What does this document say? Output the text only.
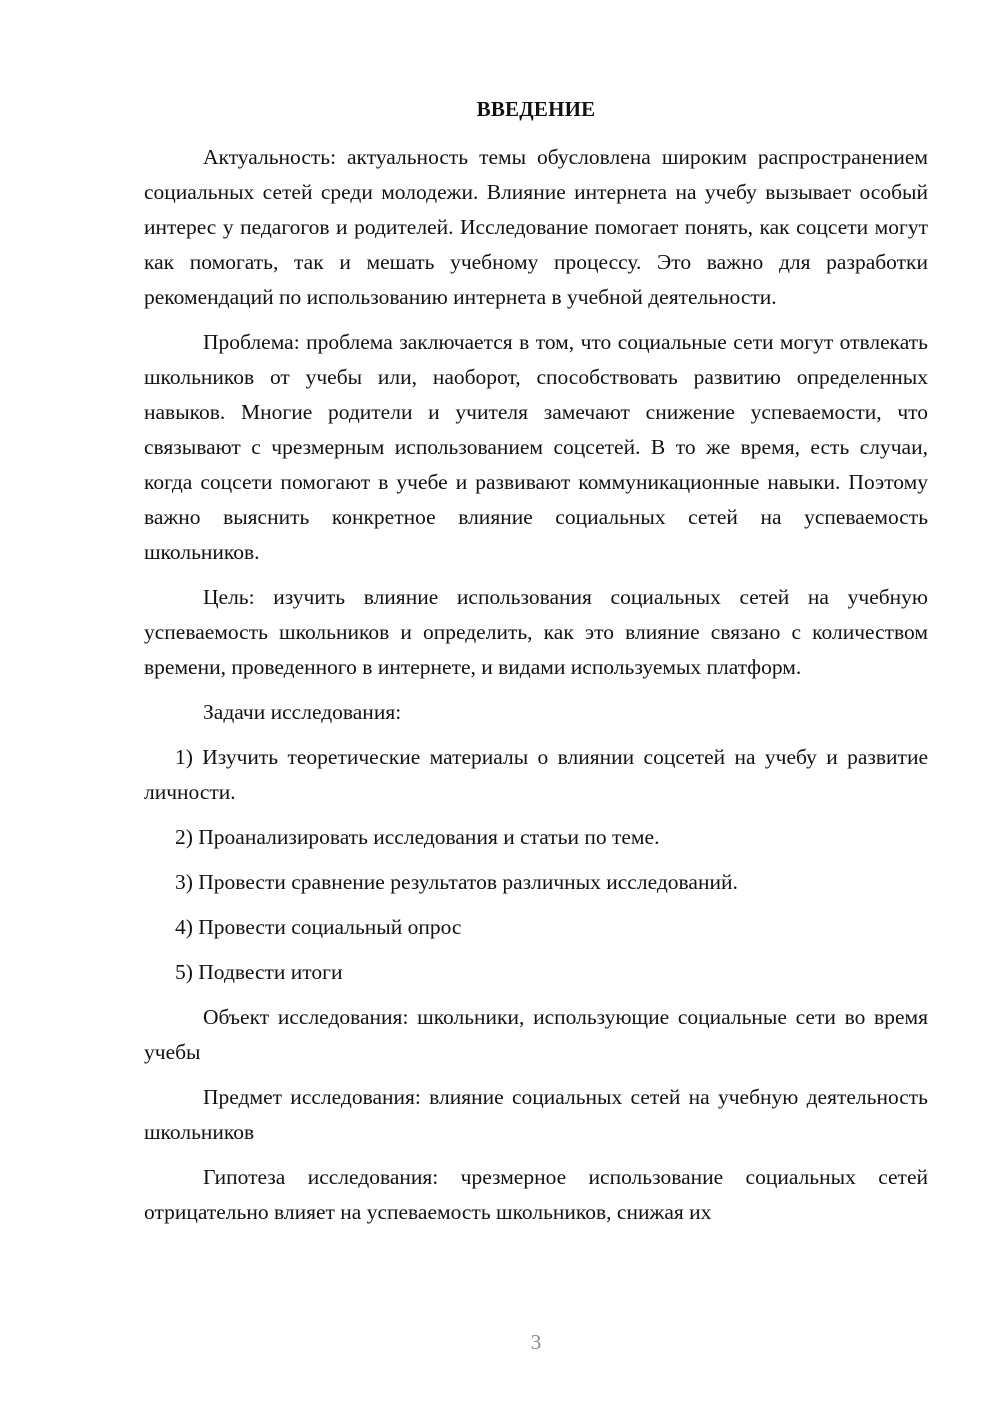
ВВЕДЕНИЕ

Актуальность: актуальность темы обусловлена широким распространением социальных сетей среди молодежи. Влияние интернета на учебу вызывает особый интерес у педагогов и родителей. Исследование помогает понять, как соцсети могут как помогать, так и мешать учебному процессу. Это важно для разработки рекомендаций по использованию интернета в учебной деятельности.

Проблема: проблема заключается в том, что социальные сети могут отвлекать школьников от учебы или, наоборот, способствовать развитию определенных навыков. Многие родители и учителя замечают снижение успеваемости, что связывают с чрезмерным использованием соцсетей. В то же время, есть случаи, когда соцсети помогают в учебе и развивают коммуникационные навыки. Поэтому важно выяснить конкретное влияние социальных сетей на успеваемость школьников.

Цель: изучить влияние использования социальных сетей на учебную успеваемость школьников и определить, как это влияние связано с количеством времени, проведенного в интернете, и видами используемых платформ.

Задачи исследования:

1) Изучить теоретические материалы о влиянии соцсетей на учебу и развитие личности.

2) Проанализировать исследования и статьи по теме.

3) Провести сравнение результатов различных исследований.

4) Провести социальный опрос

5) Подвести итоги

Объект исследования: школьники, использующие социальные сети во время учебы

Предмет исследования: влияние социальных сетей на учебную деятельность школьников

Гипотеза исследования: чрезмерное использование социальных сетей отрицательно влияет на успеваемость школьников, снижая их

3
